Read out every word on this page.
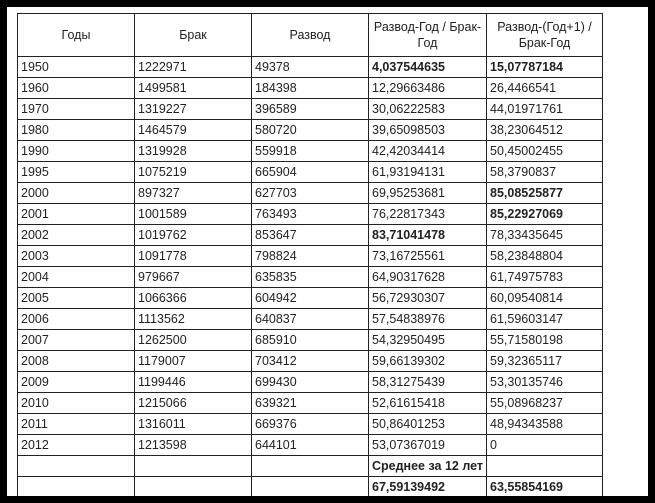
Годы	Брак	Развод	Развод-Год / Брак-Год	Развод-(Год+1) / Брак-Год
1950	1222971	49378	4,037544635	15,07787184
1960	1499581	184398	12,29663486	26,4466541
1970	1319227	396589	30,06222583	44,01971761
1980	1464579	580720	39,65098503	38,23064512
1990	1319928	559918	42,42034414	50,45002455
1995	1075219	665904	61,93194131	58,3790837
2000	897327	627703	69,95253681	85,08525877
2001	1001589	763493	76,22817343	85,22927069
2002	1019762	853647	83,71041478	78,33435645
2003	1091778	798824	73,16725561	58,23848804
2004	979667	635835	64,90317628	61,74975783
2005	1066366	604942	56,72930307	60,09540814
2006	1113562	640837	57,54838976	61,59603147
2007	1262500	685910	54,32950495	55,71580198
2008	1179007	703412	59,66139302	59,32365117
2009	1199446	699430	58,31275439	53,30135746
2010	1215066	639321	52,61615418	55,08968237
2011	1316011	669376	50,86401253	48,94343588
2012	1213598	644101	53,07367019	0
			Среднее за 12 лет	
			67,59139492	63,55854169
